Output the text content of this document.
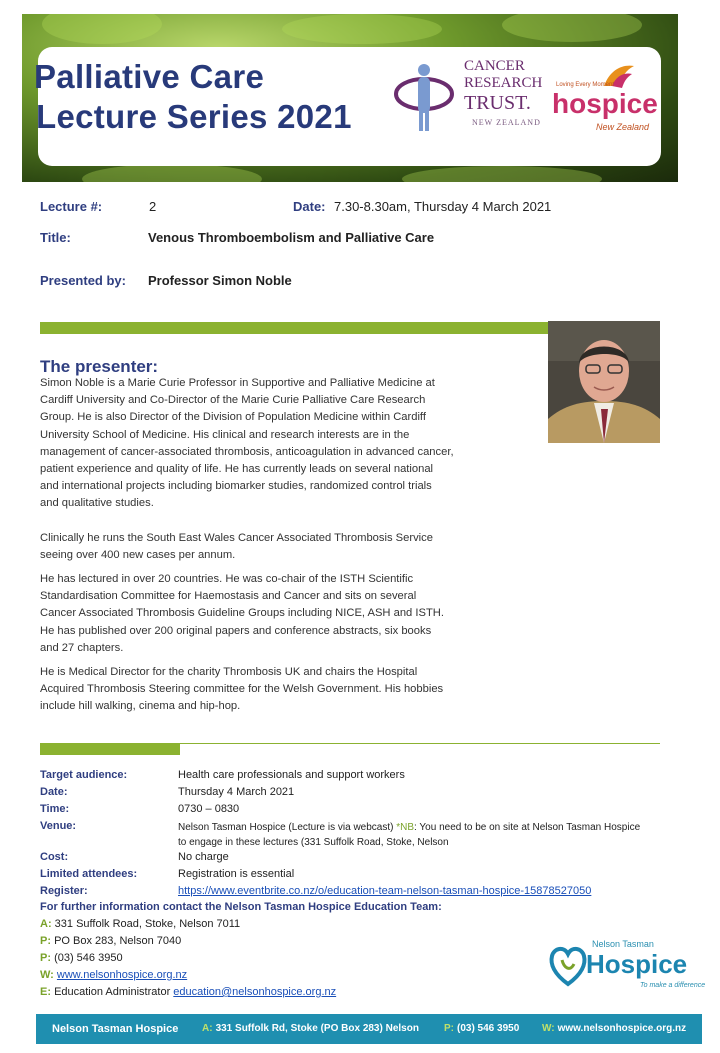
Palliative Care
Lecture Series 2021
CANCER
RESEARCH
TRUST.
NEW ZEALAND
Loving Every Moment
hospice
New Zealand
Lecture #:	2	Date: 7.30-8.30am, Thursday 4 March 2021
Title:	Venous Thromboembolism and Palliative Care
Presented by: Professor Simon Noble
The presenter:
Simon Noble is a Marie Curie Professor in Supportive and Palliative Medicine at
Cardiff University and Co-Director of the Marie Curie Palliative Care Research
Group. He is also Director of the Division of Population Medicine within Cardiff
University School of Medicine. His clinical and research interests are in the
management of cancer-associated thrombosis, anticoagulation in advanced cancer,
patient experience and quality of life. He has currently leads on several national
and international projects including biomarker studies, randomized control trials
and qualitative studies.
Clinically he runs the South East Wales Cancer Associated Thrombosis Service
seeing over 400 new cases per annum.
He has lectured in over 20 countries. He was co-chair of the ISTH Scientific
Standardisation Committee for Haemostasis and Cancer and sits on several
Cancer Associated Thrombosis Guideline Groups including NICE, ASH and ISTH.
He has published over 200 original papers and conference abstracts, six books
and 27 chapters.
He is Medical Director for the charity Thrombosis UK and chairs the Hospital
Acquired Thrombosis Steering committee for the Welsh Government. His hobbies
include hill walking, cinema and hip-hop.
Target audience:	Health care professionals and support workers
Date:	Thursday 4 March 2021
Time:	0730 – 0830
Venue:	Nelson Tasman Hospice (Lecture is via webcast) *NB: You need to be on site at Nelson Tasman Hospice
to engage in these lectures (331 Suffolk Road, Stoke, Nelson
Cost:	No charge
Limited attendees:	Registration is essential
Register:	https://www.eventbrite.co.nz/o/education-team-nelson-tasman-hospice-15878527050
For further information contact the Nelson Tasman Hospice Education Team:
A: 331 Suffolk Road, Stoke, Nelson 7011
P: PO Box 283, Nelson 7040
P: (03) 546 3950
W: www.nelsonhospice.org.nz
E: Education Administrator education@nelsonhospice.org.nz
Nelson Tasman
Hospice
To make a difference
Nelson Tasman Hospice A: 331 Suffolk Rd, Stoke (PO Box 283) Nelson	P: (03) 546 3950 W: www.nelsonhospice.org.nz
